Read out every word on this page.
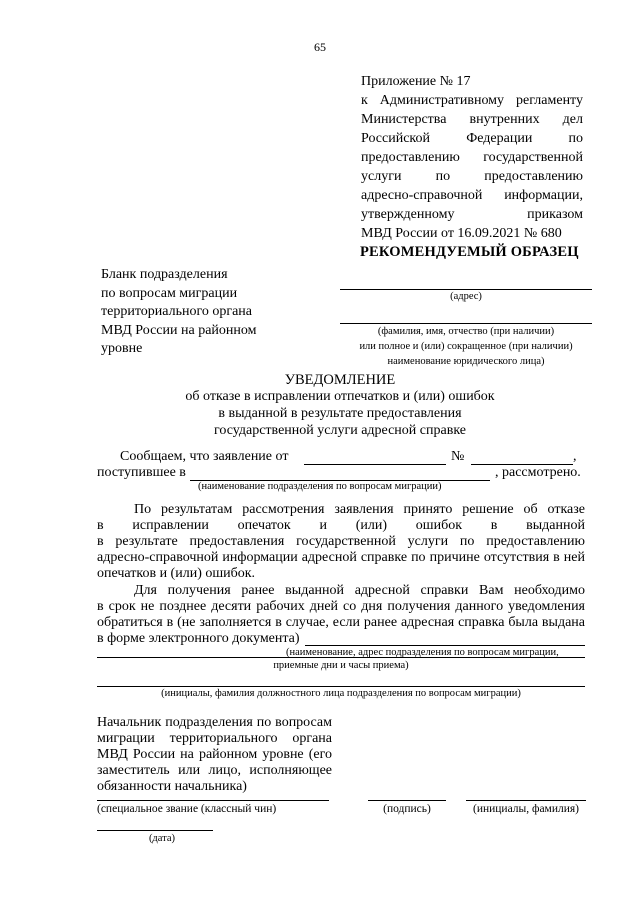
65
Приложение № 17
к Административному регламенту
Министерства внутренних дел
Российской Федерации по
предоставлению государственной
услуги по предоставлению
адресно-справочной информации,
утвержденному приказом
МВД России от 16.09.2021 № 680
РЕКОМЕНДУЕМЫЙ ОБРАЗЕЦ
Бланк подразделения
по вопросам миграции
территориального органа
МВД России на районном
уровне
(адрес)
(фамилия, имя, отчество (при наличии)
или полное и (или) сокращенное (при наличии)
наименование юридического лица)
УВЕДОМЛЕНИЕ
об отказе в исправлении отпечатков и (или) ошибок
в выданной в результате предоставления
государственной услуги адресной справке
Сообщаем, что заявление от	№	,
поступившее в	, рассмотрено.
(наименование подразделения по вопросам миграции)
По результатам рассмотрения заявления принято решение об отказе
в исправлении опечаток и (или) ошибок в выданной
в результате предоставления государственной услуги по предоставлению
адресно-справочной информации адресной справке по причине отсутствия в ней
опечатков и (или) ошибок.
Для получения ранее выданной адресной справки Вам необходимо
в срок не позднее десяти рабочих дней со дня получения данного уведомления
обратиться в (не заполняется в случае, если ранее адресная справка была выдана
в форме электронного документа)
(наименование, адрес подразделения по вопросам миграции,
приемные дни и часы приема)
(инициалы, фамилия должностного лица подразделения по вопросам миграции)
Начальник подразделения по вопросам
миграции территориального органа
МВД России на районном уровне (его
заместитель или лицо, исполняющее
обязанности начальника)
(специальное звание (классный чин)	(подпись)	(инициалы, фамилия)
(дата)
